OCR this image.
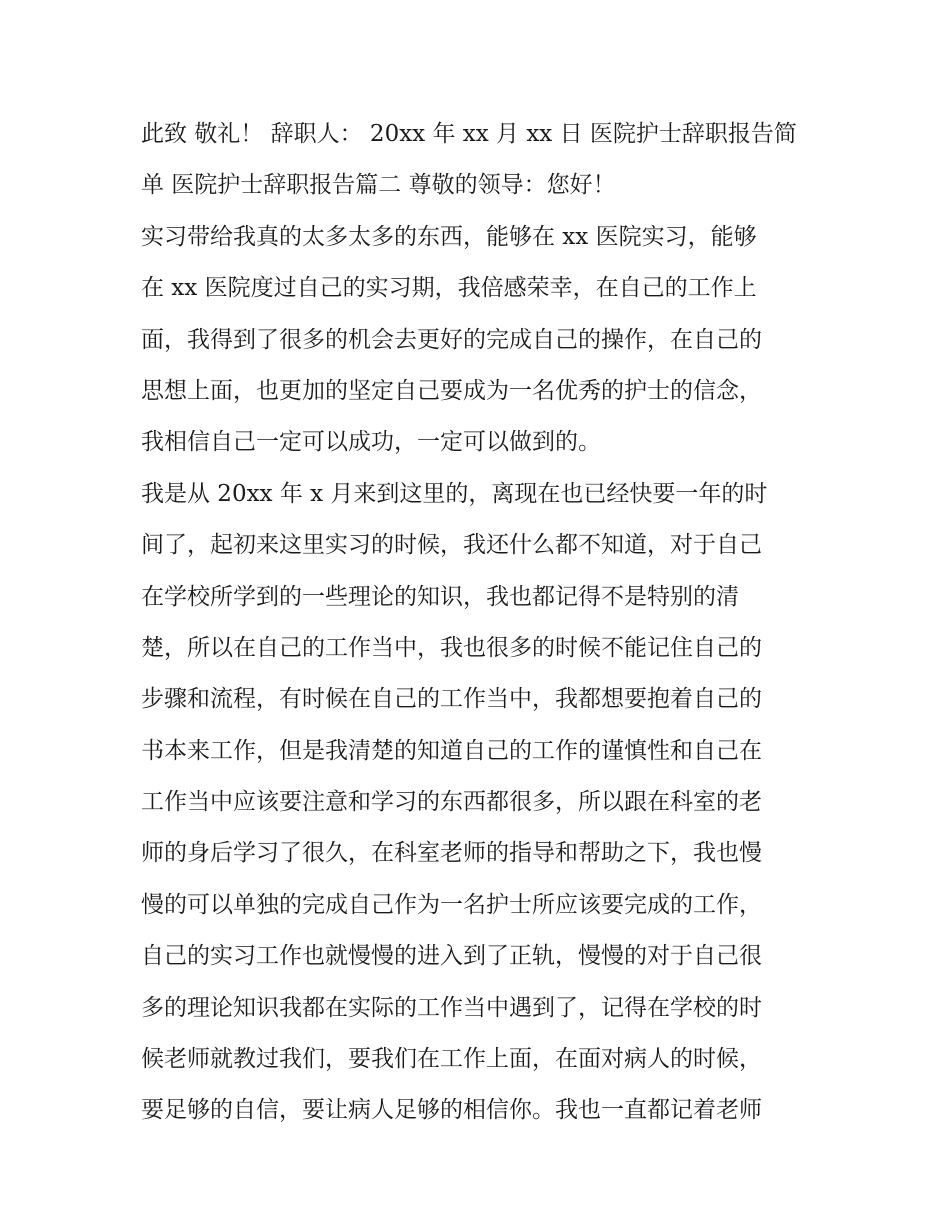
此致 敬礼！ 辞职人： 20xx 年 xx 月 xx 日 医院护士辞职报告简
单 医院护士辞职报告篇二 尊敬的领导：您好！
实习带给我真的太多太多的东西，能够在 xx 医院实习，能够
在 xx 医院度过自己的实习期，我倍感荣幸，在自己的工作上
面，我得到了很多的机会去更好的完成自己的操作，在自己的
思想上面，也更加的坚定自己要成为一名优秀的护士的信念，
我相信自己一定可以成功，一定可以做到的。
我是从 20xx 年 x 月来到这里的，离现在也已经快要一年的时
间了，起初来这里实习的时候，我还什么都不知道，对于自己
在学校所学到的一些理论的知识，我也都记得不是特别的清
楚，所以在自己的工作当中，我也很多的时候不能记住自己的
步骤和流程，有时候在自己的工作当中，我都想要抱着自己的
书本来工作，但是我清楚的知道自己的工作的谨慎性和自己在
工作当中应该要注意和学习的东西都很多，所以跟在科室的老
师的身后学习了很久，在科室老师的指导和帮助之下，我也慢
慢的可以单独的完成自己作为一名护士所应该要完成的工作，
自己的实习工作也就慢慢的进入到了正轨，慢慢的对于自己很
多的理论知识我都在实际的工作当中遇到了，记得在学校的时
候老师就教过我们，要我们在工作上面，在面对病人的时候，
要足够的自信，要让病人足够的相信你。我也一直都记着老师
